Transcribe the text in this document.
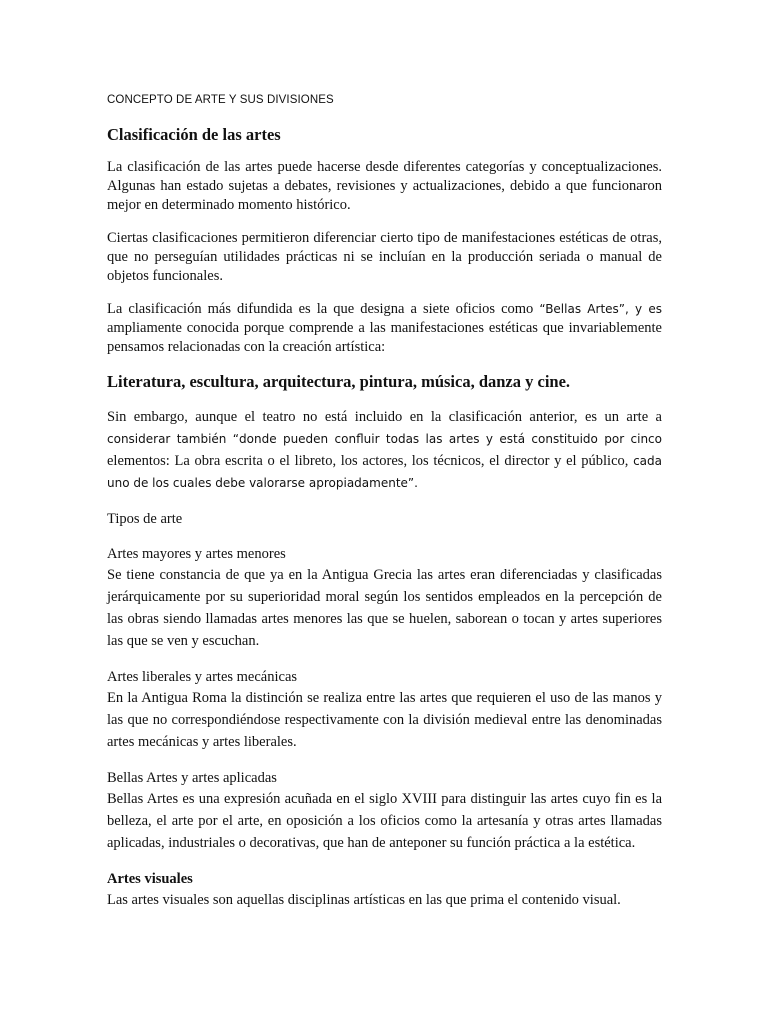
CONCEPTO DE ARTE Y SUS DIVISIONES
Clasificación de las artes

La clasificación de las artes puede hacerse desde diferentes categorías y conceptualizaciones. Algunas han estado sujetas a debates, revisiones y actualizaciones, debido a que funcionaron mejor en determinado momento histórico.

Ciertas clasificaciones permitieron diferenciar cierto tipo de manifestaciones estéticas de otras, que no perseguían utilidades prácticas ni se incluían en la producción seriada o manual de objetos funcionales.

La clasificación más difundida es la que designa a siete oficios como “Bellas Artes”, y es ampliamente conocida porque comprende a las manifestaciones estéticas que invariablemente pensamos relacionadas con la creación artística:

Literatura, escultura, arquitectura, pintura, música, danza y cine.

Sin embargo, aunque el teatro no está incluido en la clasificación anterior, es un arte a considerar también “donde pueden confluir todas las artes y está constituido por cinco elementos: La obra escrita o el libreto, los actores, los técnicos, el director y el público, cada uno de los cuales debe valorarse apropiadamente”.

Tipos de arte
Artes mayores y artes menores

Se tiene constancia de que ya en la Antigua Grecia las artes eran diferenciadas y clasificadas jerárquicamente por su superioridad moral según los sentidos empleados en la percepción de las obras siendo llamadas artes menores las que se huelen, saborean o tocan y artes superiores las que se ven y escuchan.

Artes liberales y artes mecánicas

En la Antigua Roma la distinción se realiza entre las artes que requieren el uso de las manos y las que no correspondiéndose respectivamente con la división medieval entre las denominadas artes mecánicas y artes liberales.

Bellas Artes y artes aplicadas

Bellas Artes es una expresión acuñada en el siglo XVIII para distinguir las artes cuyo fin es la belleza, el arte por el arte, en oposición a los oficios como la artesanía y otras artes llamadas aplicadas, industriales o decorativas, que han de anteponer su función práctica a la estética.

Artes visuales

Las artes visuales son aquellas disciplinas artísticas en las que prima el contenido visual.
